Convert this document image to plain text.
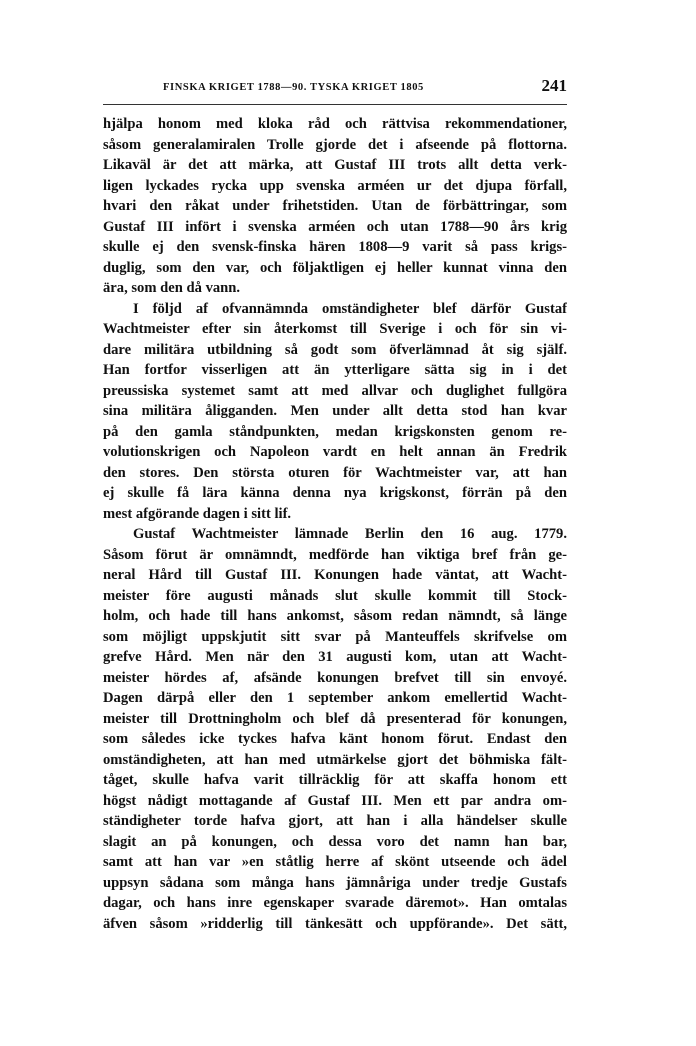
FINSKA KRIGET 1788—90. TYSKA KRIGET 1805	241
hjälpa honom med kloka råd och rättvisa rekommendationer,
såsom generalamiralen Trolle gjorde det i afseende på flottorna.
Likaväl är det att märka, att Gustaf III trots allt detta verk-
ligen lyckades rycka upp svenska arméen ur det djupa förfall,
hvari den råkat under frihetstiden. Utan de förbättringar, som
Gustaf III infört i svenska arméen och utan 1788—90 års krig
skulle ej den svensk-finska hären 1808—9 varit så pass krigs-
duglig, som den var, och följaktligen ej heller kunnat vinna den
ära, som den då vann.
I följd af ofvannämnda omständigheter blef därför Gustaf
Wachtmeister efter sin återkomst till Sverige i och för sin vi-
dare militära utbildning så godt som öfverlämnad åt sig själf.
Han fortfor visserligen att än ytterligare sätta sig in i det
preussiska systemet samt att med allvar och duglighet fullgöra
sina militära åligganden. Men under allt detta stod han kvar
på den gamla ståndpunkten, medan krigskonsten genom re-
volutionskrigen och Napoleon vardt en helt annan än Fredrik
den stores. Den största oturen för Wachtmeister var, att han
ej skulle få lära känna denna nya krigskonst, förrän på den
mest afgörande dagen i sitt lif.
Gustaf Wachtmeister lämnade Berlin den 16 aug. 1779.
Såsom förut är omnämndt, medförde han viktiga bref från ge-
neral Hård till Gustaf III. Konungen hade väntat, att Wacht-
meister före augusti månads slut skulle kommit till Stock-
holm, och hade till hans ankomst, såsom redan nämndt, så länge
som möjligt uppskjutit sitt svar på Manteuffels skrifvelse om
grefve Hård. Men när den 31 augusti kom, utan att Wacht-
meister hördes af, afsände konungen brefvet till sin envoyé.
Dagen därpå eller den 1 september ankom emellertid Wacht-
meister till Drottningholm och blef då presenterad för konungen,
som således icke tyckes hafva känt honom förut. Endast den
omständigheten, att han med utmärkelse gjort det böhmiska fält-
tåget, skulle hafva varit tillräcklig för att skaffa honom ett
högst nådigt mottagande af Gustaf III. Men ett par andra om-
ständigheter torde hafva gjort, att han i alla händelser skulle
slagit an på konungen, och dessa voro det namn han bar,
samt att han var »en ståtlig herre af skönt utseende och ädel
uppsyn sådana som många hans jämnåriga under tredje Gustafs
dagar, och hans inre egenskaper svarade däremot». Han omtalas
äfven såsom »ridderlig till tänkesätt och uppförande». Det sätt,
